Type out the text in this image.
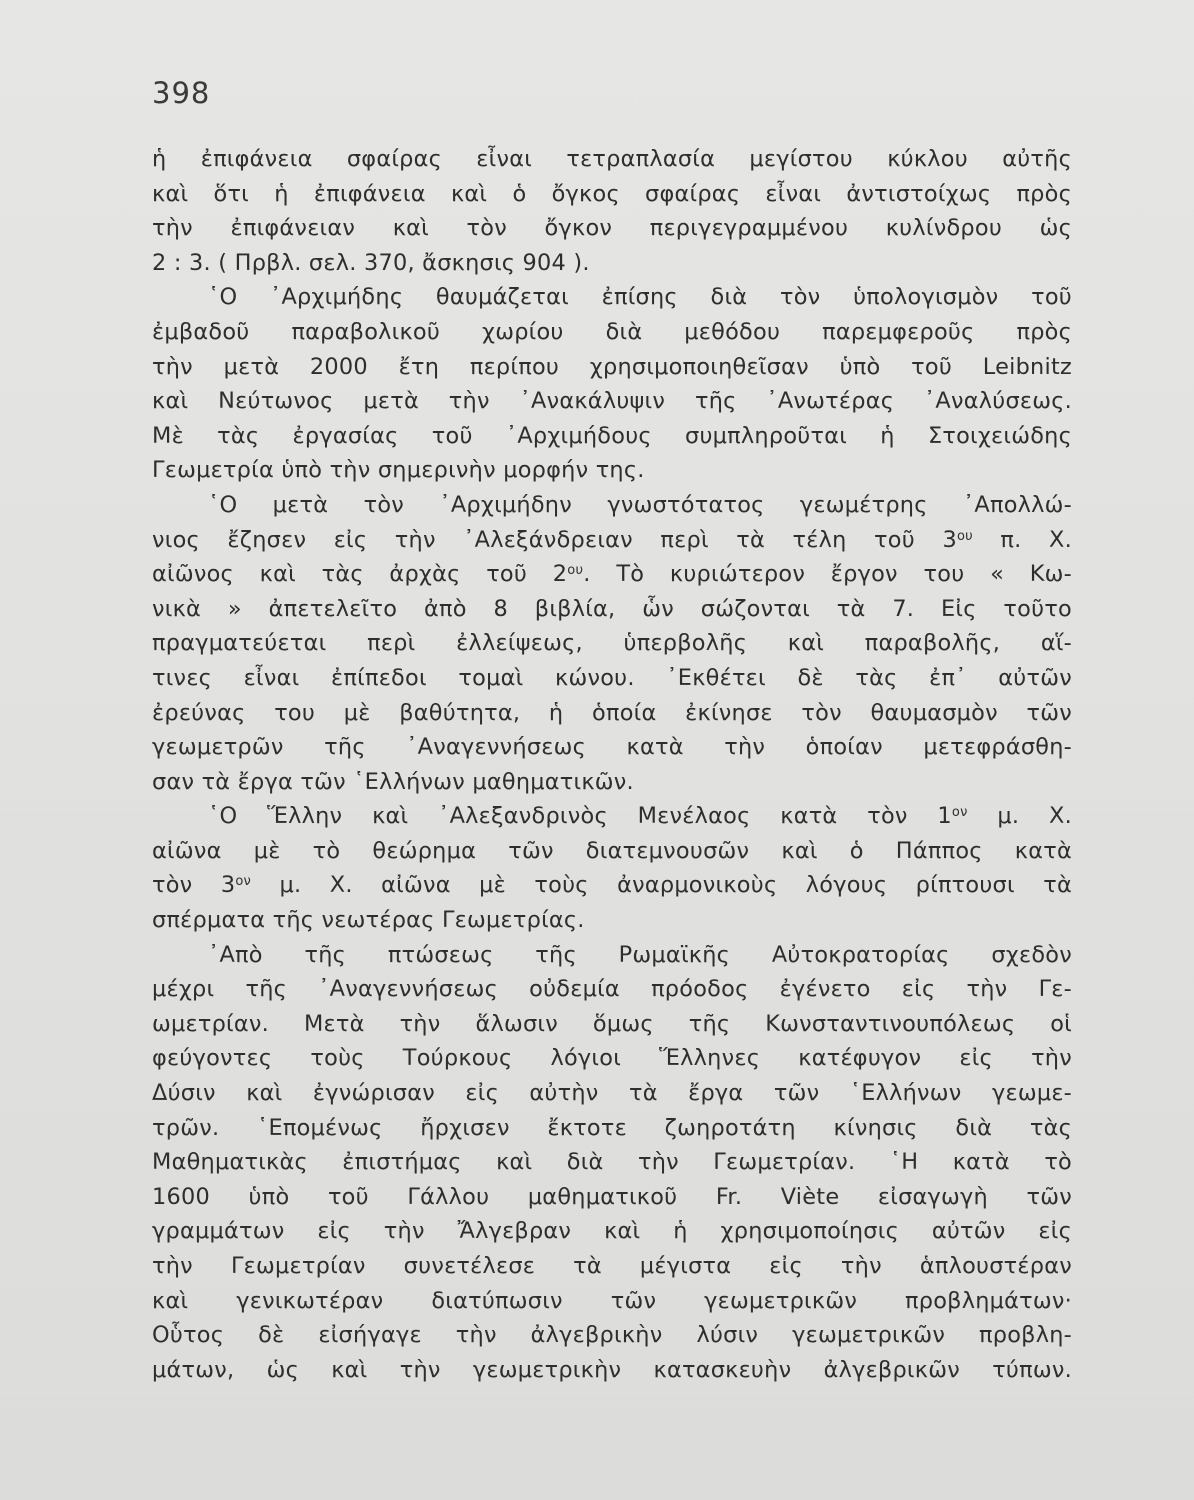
398

ἡ ἐπιφάνεια σφαίρας εἶναι τετραπλασία μεγίστου κύκλου αὐτῆς
καὶ ὅτι ἡ ἐπιφάνεια καὶ ὁ ὄγκος σφαίρας εἶναι ἀντιστοίχως πρὸς
τὴν ἐπιφάνειαν καὶ τὸν ὄγκον περιγεγραμμένου κυλίνδρου ὡς
2 : 3. ( Πρβλ. σελ. 370, ἄσκησις 904 ).
῾Ο ᾿Αρχιμήδης θαυμάζεται ἐπίσης διὰ τὸν ὑπολογισμὸν τοῦ
ἐμβαδοῦ παραβολικοῦ χωρίου διὰ μεθόδου παρεμφεροῦς πρὸς
τὴν μετὰ 2000 ἔτη περίπου χρησιμοποιηθεῖσαν ὑπὸ τοῦ Leibnitz
καὶ Νεύτωνος μετὰ τὴν ᾿Ανακάλυψιν τῆς ᾿Ανωτέρας ᾿Αναλύσεως.
Μὲ τὰς ἐργασίας τοῦ ᾿Αρχιμήδους συμπληροῦται ἡ Στοιχειώδης
Γεωμετρία ὑπὸ τὴν σημερινὴν μορφήν της.
῾Ο μετὰ τὸν ᾿Αρχιμήδην γνωστότατος γεωμέτρης ᾿Απολλώ-
νιος ἔζησεν εἰς τὴν ᾿Αλεξάνδρειαν περὶ τὰ τέλη τοῦ $3^{o\upsilon}$ π. Χ.
αἰῶνος καὶ τὰς ἀρχὰς τοῦ $2^{o\upsilon}$. Τὸ κυριώτερον ἔργον του « Κω-
νικὰ » ἀπετελεῖτο ἀπὸ 8 βιβλία, ὧν σώζονται τὰ 7. Εἰς τοῦτο
πραγματεύεται περὶ ἐλλείψεως, ὑπερβολῆς καὶ παραβολῆς, αἵ-
τινες εἶναι ἐπίπεδοι τομαὶ κώνου. ᾿Εκθέτει δὲ τὰς ἐπ᾿ αὐτῶν
ἐρεύνας του μὲ βαθύτητα, ἡ ὁποία ἐκίνησε τὸν θαυμασμὸν τῶν
γεωμετρῶν τῆς ᾿Αναγεννήσεως κατὰ τὴν ὁποίαν μετεφράσθη-
σαν τὰ ἔργα τῶν ῾Ελλήνων μαθηματικῶν.
῾Ο Ἕλλην καὶ ᾿Αλεξανδρινὸς Μενέλαος κατὰ τὸν $1^{o\nu}$ μ. Χ.
αἰῶνα μὲ τὸ θεώρημα τῶν διατεμνουσῶν καὶ ὁ Πάππος κατὰ
τὸν $3^{o\nu}$ μ. Χ. αἰῶνα μὲ τοὺς ἀναρμονικοὺς λόγους ρίπτουσι τὰ
σπέρματα τῆς νεωτέρας Γεωμετρίας.
᾿Απὸ τῆς πτώσεως τῆς Ρωμαϊκῆς Αὐτοκρατορίας σχεδὸν
μέχρι τῆς ᾿Αναγεννήσεως οὐδεμία πρόοδος ἐγένετο εἰς τὴν Γε-
ωμετρίαν. Μετὰ τὴν ἅλωσιν ὅμως τῆς Κωνσταντινουπόλεως οἱ
φεύγοντες τοὺς Τούρκους λόγιοι Ἕλληνες κατέφυγον εἰς τὴν
Δύσιν καὶ ἐγνώρισαν εἰς αὐτὴν τὰ ἔργα τῶν ῾Ελλήνων γεωμε-
τρῶν. ῾Επομένως ἤρχισεν ἔκτοτε ζωηροτάτη κίνησις διὰ τὰς
Μαθηματικὰς ἐπιστήμας καὶ διὰ τὴν Γεωμετρίαν. ῾Η κατὰ τὸ
1600 ὑπὸ τοῦ Γάλλου μαθηματικοῦ Fr. Viète εἰσαγωγὴ τῶν
γραμμάτων εἰς τὴν Ἄλγεβραν καὶ ἡ χρησιμοποίησις αὐτῶν εἰς
τὴν Γεωμετρίαν συνετέλεσε τὰ μέγιστα εἰς τὴν ἁπλουστέραν
καὶ γενικωτέραν διατύπωσιν τῶν γεωμετρικῶν προβλημάτων·
Οὗτος δὲ εἰσήγαγε τὴν ἀλγεβρικὴν λύσιν γεωμετρικῶν προβλη-
μάτων, ὡς καὶ τὴν γεωμετρικὴν κατασκευὴν ἀλγεβρικῶν τύπων.
